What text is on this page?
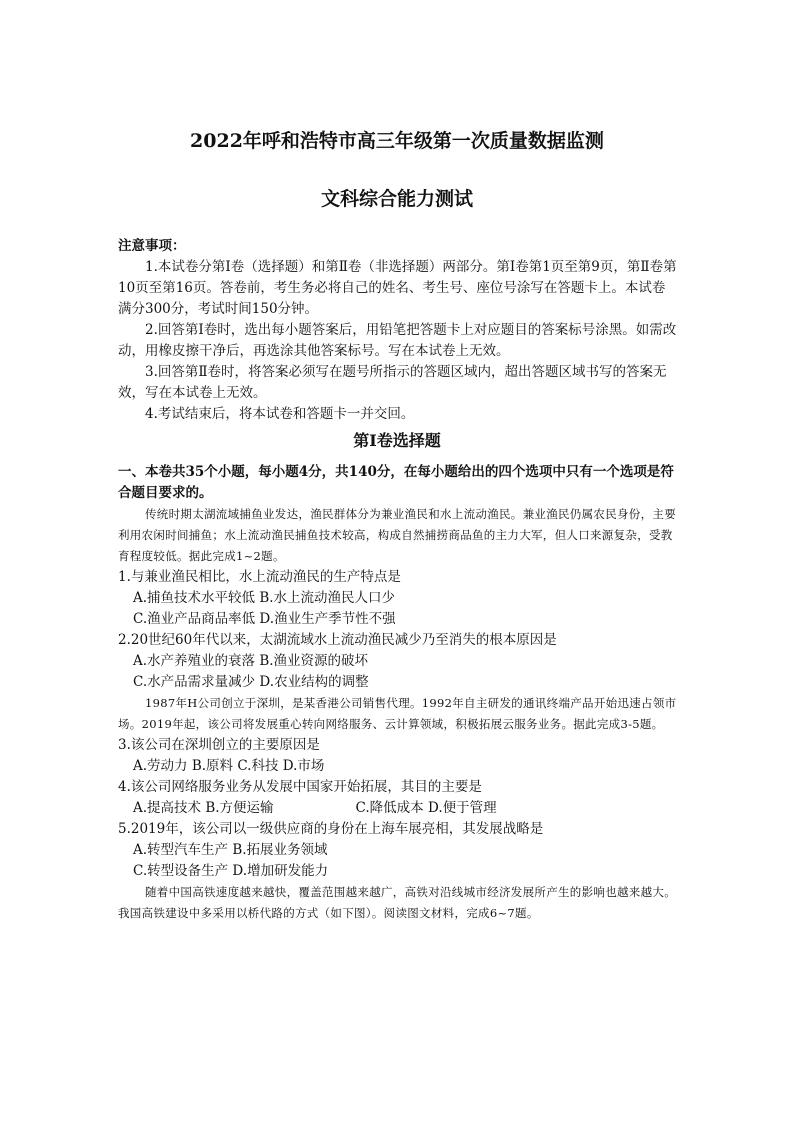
2022年呼和浩特市高三年级第一次质量数据监测
文科综合能力测试

注意事项：

1.本试卷分第Ⅰ卷（选择题）和第Ⅱ卷（非选择题）两部分。第Ⅰ卷第1页至第9页，第Ⅱ卷第10页至第16页。答卷前，考生务必将自己的姓名、考生号、座位号涂写在答题卡上。本试卷满分300分，考试时间150分钟。

2.回答第Ⅰ卷时，选出每小题答案后，用铅笔把答题卡上对应题目的答案标号涂黑。如需改动，用橡皮擦干净后，再选涂其他答案标号。写在本试卷上无效。

3.回答第Ⅱ卷时，将答案必须写在题号所指示的答题区域内，超出答题区域书写的答案无效，写在本试卷上无效。

4.考试结束后，将本试卷和答题卡一并交回。

第Ⅰ卷选择题

一、本卷共35个小题，每小题4分，共140分，在每小题给出的四个选项中只有一个选项是符合题目要求的。

传统时期太湖流域捕鱼业发达，渔民群体分为兼业渔民和水上流动渔民。兼业渔民仍属农民身份，主要利用农闲时间捕鱼；水上流动渔民捕鱼技术较高，构成自然捕捞商品鱼的主力大军，但人口来源复杂，受教育程度较低。据此完成1~2题。

1.与兼业渔民相比，水上流动渔民的生产特点是

A.捕鱼技术水平较低 B.水上流动渔民人口少

C.渔业产品商品率低 D.渔业生产季节性不强

2.20世纪60年代以来，太湖流域水上流动渔民减少乃至消失的根本原因是

A.水产养殖业的衰落 B.渔业资源的破坏

C.水产品需求量减少 D.农业结构的调整

1987年H公司创立于深圳，是某香港公司销售代理。1992年自主研发的通讯终端产品开始迅速占领市场。2019年起，该公司将发展重心转向网络服务、云计算领域，积极拓展云服务业务。据此完成3-5题。

3.该公司在深圳创立的主要原因是

A.劳动力 B.原料 C.科技 D.市场

4.该公司网络服务业务从发展中国家开始拓展，其目的主要是

A.提高技术 B.方便运输	C.降低成本 D.便于管理

5.2019年，该公司以一级供应商的身份在上海车展亮相，其发展战略是

A.转型汽车生产 B.拓展业务领域

C.转型设备生产 D.增加研发能力

随着中国高铁速度越来越快，覆盖范围越来越广，高铁对沿线城市经济发展所产生的影响也越来越大。我国高铁建设中多采用以桥代路的方式（如下图）。阅读图文材料，完成6~7题。
